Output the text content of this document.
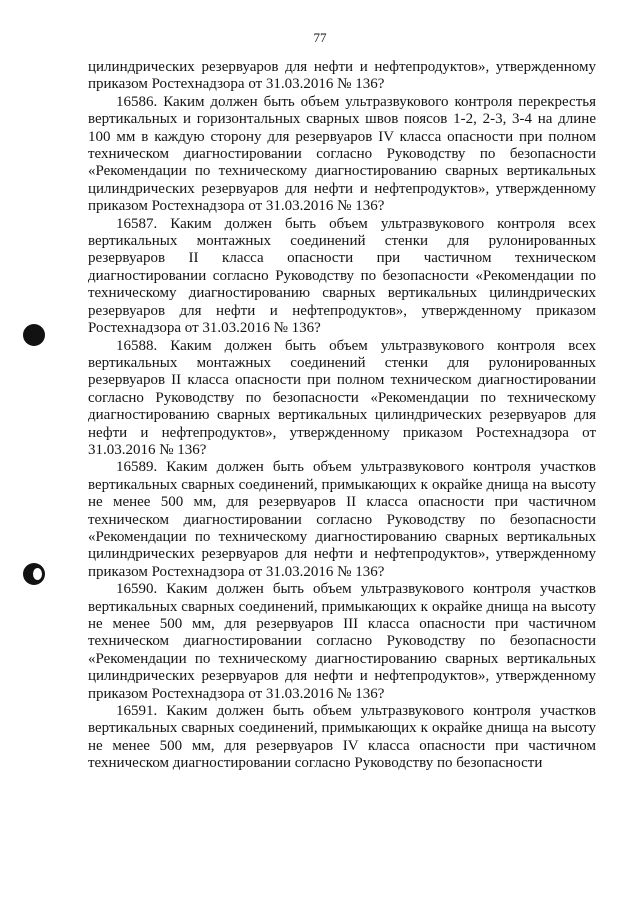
77

цилиндрических резервуаров для нефти и нефтепродуктов», утвержденному приказом Ростехнадзора от 31.03.2016 № 136?

16586. Каким должен быть объем ультразвукового контроля перекрестья вертикальных и горизонтальных сварных швов поясов 1-2, 2-3, 3-4 на длине 100 мм в каждую сторону для резервуаров IV класса опасности при полном техническом диагностировании согласно Руководству по безопасности «Рекомендации по техническому диагностированию сварных вертикальных цилиндрических резервуаров для нефти и нефтепродуктов», утвержденному приказом Ростехнадзора от 31.03.2016 № 136?

16587. Каким должен быть объем ультразвукового контроля всех вертикальных монтажных соединений стенки для рулонированных резервуаров II класса опасности при частичном техническом диагностировании согласно Руководству по безопасности «Рекомендации по техническому диагностированию сварных вертикальных цилиндрических резервуаров для нефти и нефтепродуктов», утвержденному приказом Ростехнадзора от 31.03.2016 № 136?

16588. Каким должен быть объем ультразвукового контроля всех вертикальных монтажных соединений стенки для рулонированных резервуаров II класса опасности при полном техническом диагностировании согласно Руководству по безопасности «Рекомендации по техническому диагностированию сварных вертикальных цилиндрических резервуаров для нефти и нефтепродуктов», утвержденному приказом Ростехнадзора от 31.03.2016 № 136?

16589. Каким должен быть объем ультразвукового контроля участков вертикальных сварных соединений, примыкающих к окрайке днища на высоту не менее 500 мм, для резервуаров II класса опасности при частичном техническом диагностировании согласно Руководству по безопасности «Рекомендации по техническому диагностированию сварных вертикальных цилиндрических резервуаров для нефти и нефтепродуктов», утвержденному приказом Ростехнадзора от 31.03.2016 № 136?

16590. Каким должен быть объем ультразвукового контроля участков вертикальных сварных соединений, примыкающих к окрайке днища на высоту не менее 500 мм, для резервуаров III класса опасности при частичном техническом диагностировании согласно Руководству по безопасности «Рекомендации по техническому диагностированию сварных вертикальных цилиндрических резервуаров для нефти и нефтепродуктов», утвержденному приказом Ростехнадзора от 31.03.2016 № 136?

16591. Каким должен быть объем ультразвукового контроля участков вертикальных сварных соединений, примыкающих к окрайке днища на высоту не менее 500 мм, для резервуаров IV класса опасности при частичном техническом диагностировании согласно Руководству по безопасности
